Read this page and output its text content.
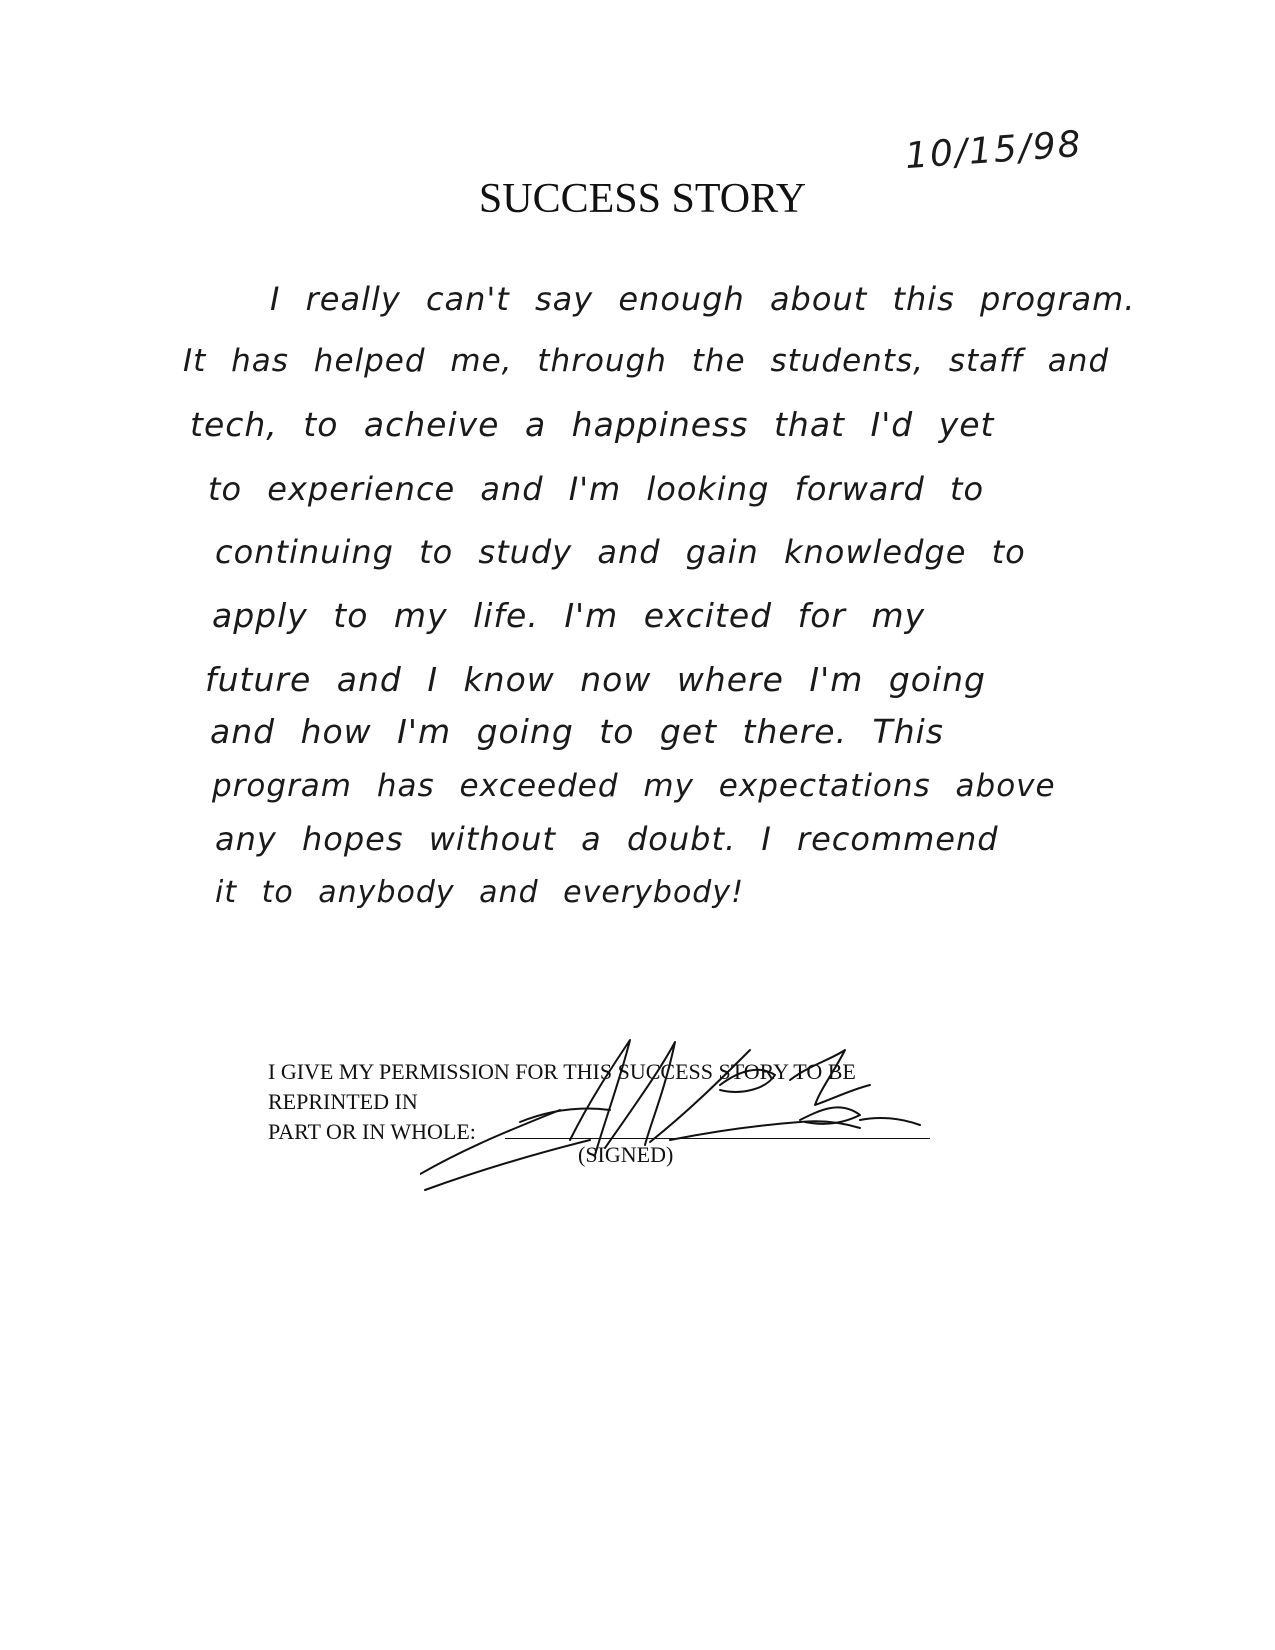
10/15/98
SUCCESS STORY
I really can't say enough about this program.
It has helped me, through the students, staff and
tech, to acheive a happiness that I'd yet
to experience and I'm looking forward to
continuing to study and gain knowledge to
apply to my life. I'm excited for my
future and I know now where I'm going
and how I'm going to get there. This
program has exceeded my expectations above
any hopes without a doubt. I recommend
it to anybody and everybody!
I GIVE MY PERMISSION FOR THIS SUCCESS STORY TO BE
REPRINTED IN
PART OR IN WHOLE:
(SIGNED)
